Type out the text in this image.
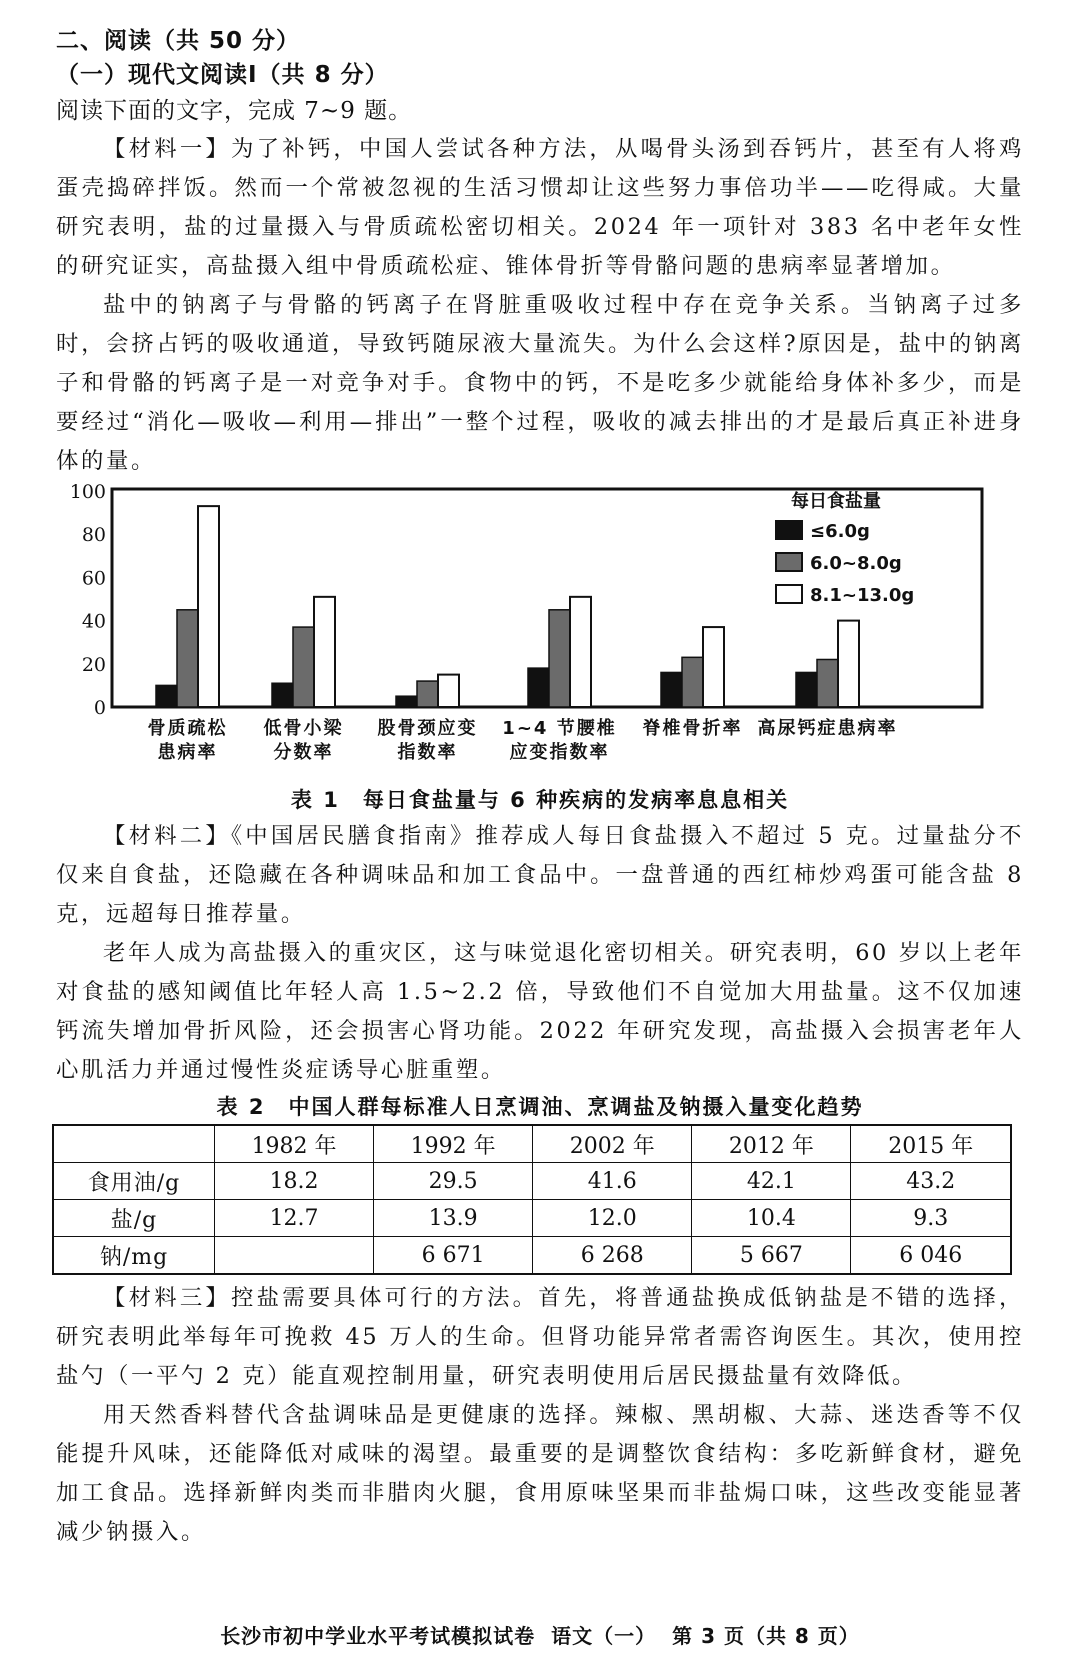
二、阅读（共 50 分）
（一）现代文阅读Ⅰ（共 8 分）
阅读下面的文字，完成 7~9 题。

【材料一】为了补钙，中国人尝试各种方法，从喝骨头汤到吞钙片，甚至有人将鸡蛋壳捣碎拌饭。然而一个常被忽视的生活习惯却让这些努力事倍功半——吃得咸。大量研究表明，盐的过量摄入与骨质疏松密切相关。2024 年一项针对 383 名中老年女性的研究证实，高盐摄入组中骨质疏松症、锥体骨折等骨骼问题的患病率显著增加。

盐中的钠离子与骨骼的钙离子在肾脏重吸收过程中存在竞争关系。当钠离子过多时，会挤占钙的吸收通道，导致钙随尿液大量流失。为什么会这样?原因是，盐中的钠离子和骨骼的钙离子是一对竞争对手。食物中的钙，不是吃多少就能给身体补多少，而是要经过“消化—吸收—利用—排出”一整个过程，吸收的减去排出的才是最后真正补进身体的量。

0
20
40
60
80
100
骨质疏松
患病率
低骨小梁
分数率
股骨颈应变
指数率
1~4 节腰椎
应变指数率
脊椎骨折率 高尿钙症患病率
每日食盐量
≤6.0g
6.0~8.0g
8.1~13.0g
表 1　每日食盐量与 6 种疾病的发病率息息相关

【材料二】《中国居民膳食指南》推荐成人每日食盐摄入不超过 5 克。过量盐分不仅来自食盐，还隐藏在各种调味品和加工食品中。一盘普通的西红柿炒鸡蛋可能含盐 8 克，远超每日推荐量。

老年人成为高盐摄入的重灾区，这与味觉退化密切相关。研究表明，60 岁以上老年对食盐的感知阈值比年轻人高 1.5~2.2 倍，导致他们不自觉加大用盐量。这不仅加速钙流失增加骨折风险，还会损害心肾功能。2022 年研究发现，高盐摄入会损害老年人心肌活力并通过慢性炎症诱导心脏重塑。

表 2　中国人群每标准人日烹调油、烹调盐及钠摄入量变化趋势
	1982 年	1992 年	2002 年	2012 年	2015 年
食用油/g	18.2	29.5	41.6	42.1	43.2
盐/g	12.7	13.9	12.0	10.4	9.3
钠/mg		6 671	6 268	5 667	6 046

【材料三】控盐需要具体可行的方法。首先，将普通盐换成低钠盐是不错的选择，研究表明此举每年可挽救 45 万人的生命。但肾功能异常者需咨询医生。其次，使用控盐勺（一平勺 2 克）能直观控制用量，研究表明使用后居民摄盐量有效降低。

用天然香料替代含盐调味品是更健康的选择。辣椒、黑胡椒、大蒜、迷迭香等不仅能提升风味，还能降低对咸味的渴望。最重要的是调整饮食结构：多吃新鲜食材，避免加工食品。选择新鲜肉类而非腊肉火腿，食用原味坚果而非盐焗口味，这些改变能显著减少钠摄入。

长沙市初中学业水平考试模拟试卷 语文（一） 第 3 页（共 8 页）
